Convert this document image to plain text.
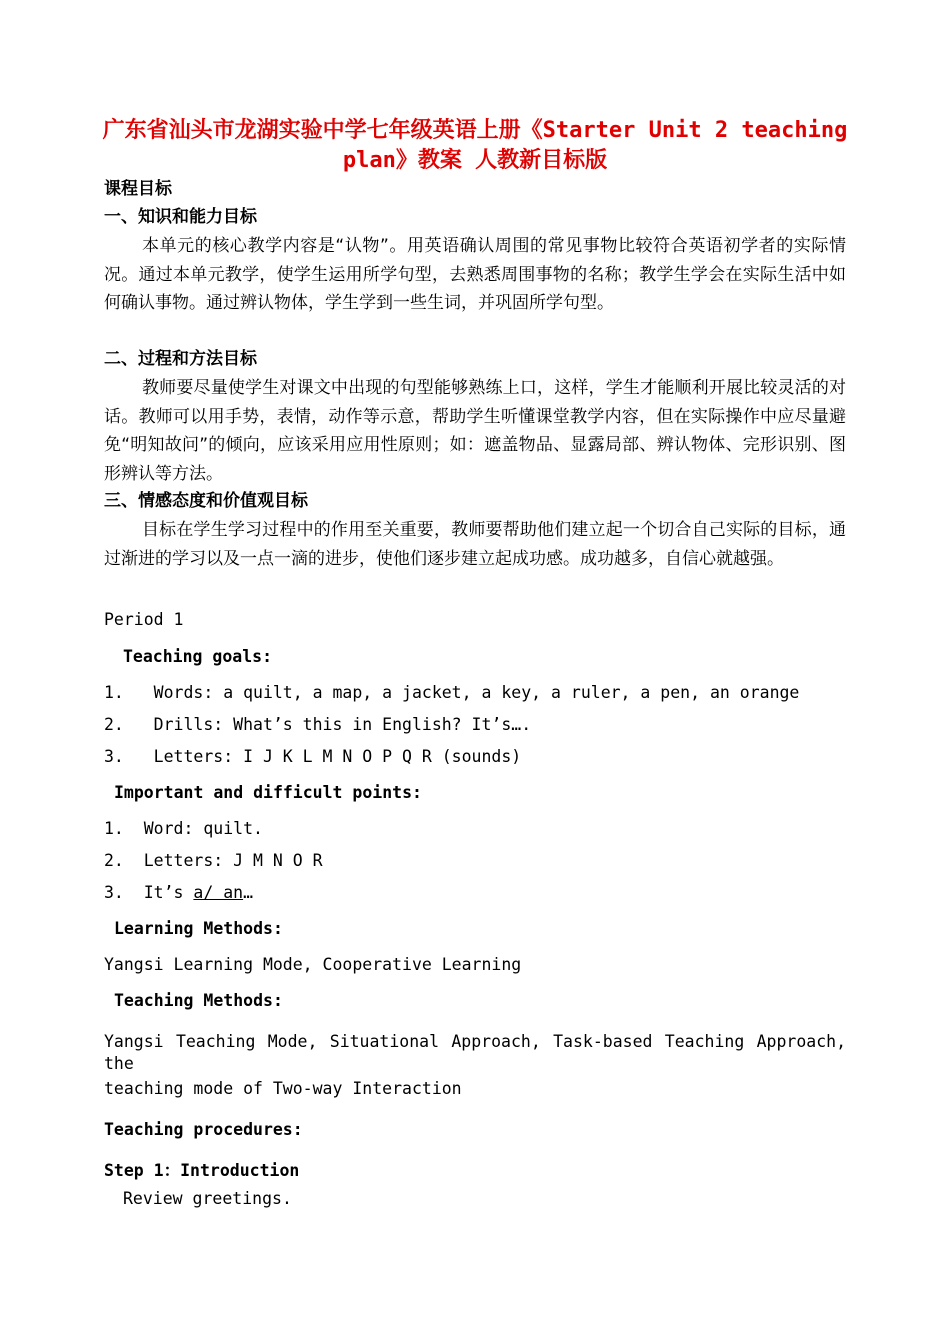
广东省汕头市龙湖实验中学七年级英语上册《Starter Unit 2 teaching plan》教案 人教新目标版
课程目标
一、知识和能力目标
本单元的核心教学内容是“认物”。用英语确认周围的常见事物比较符合英语初学者的实际情况。通过本单元教学，使学生运用所学句型，去熟悉周围事物的名称；教学生学会在实际生活中如何确认事物。通过辨认物体，学生学到一些生词，并巩固所学句型。
二、过程和方法目标
教师要尽量使学生对课文中出现的句型能够熟练上口，这样，学生才能顺利开展比较灵活的对话。教师可以用手势，表情，动作等示意，帮助学生听懂课堂教学内容，但在实际操作中应尽量避免“明知故问”的倾向，应该采用应用性原则；如：遮盖物品、显露局部、辨认物体、完形识别、图形辨认等方法。
三、情感态度和价值观目标
目标在学生学习过程中的作用至关重要，教师要帮助他们建立起一个切合自己实际的目标，通过渐进的学习以及一点一滴的进步，使他们逐步建立起成功感。成功越多，自信心就越强。
Period 1
Teaching goals:
1.   Words: a quilt, a map, a jacket, a key, a ruler, a pen, an orange
2.   Drills: What’s this in English? It’s….
3.   Letters: I J K L M N O P Q R (sounds)
Important and difficult points:
1.  Word: quilt.
2.  Letters: J M N O R
3.  It’s a/ an…
Learning Methods:
Yangsi Learning Mode, Cooperative Learning
Teaching Methods:
Yangsi Teaching Mode, Situational Approach, Task-based Teaching Approach, the
teaching mode of Two-way Interaction
Teaching procedures:
Step 1：Introduction
Review greetings.
